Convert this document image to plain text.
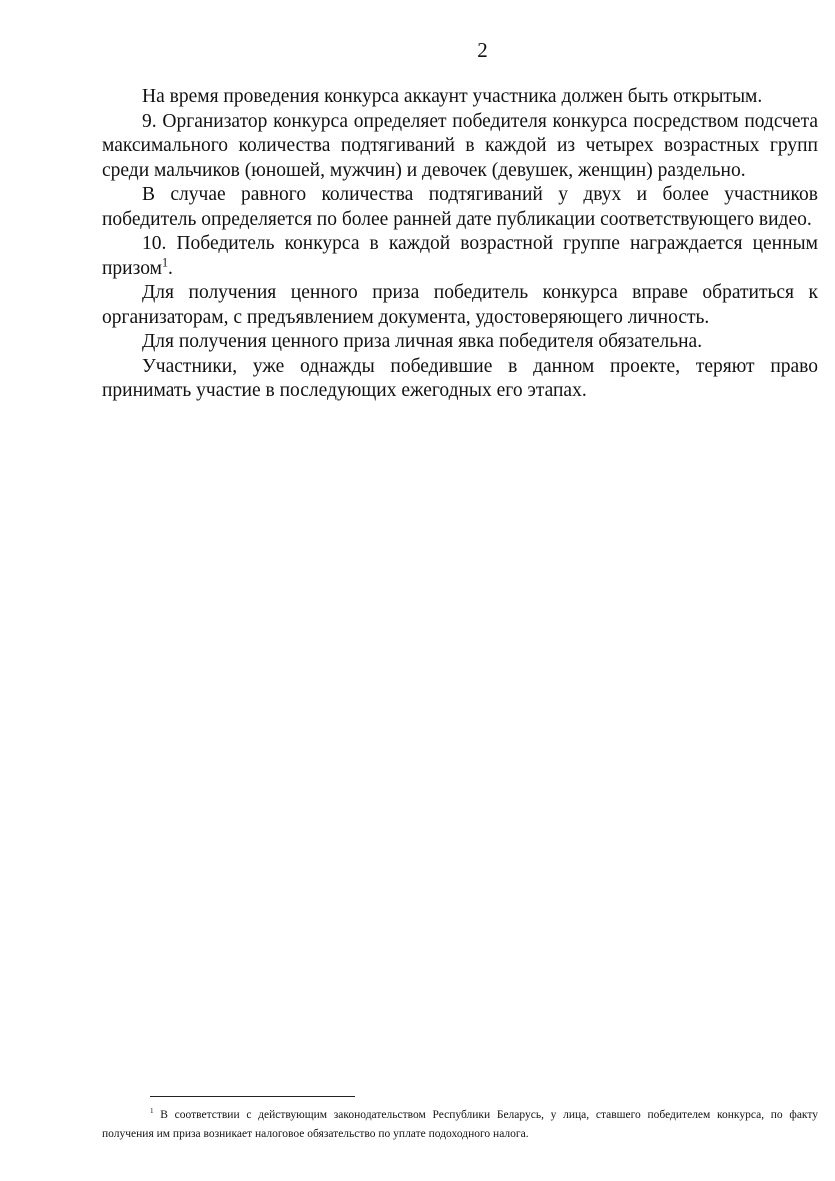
2

На время проведения конкурса аккаунт участника должен быть открытым.

9. Организатор конкурса определяет победителя конкурса посредством подсчета максимального количества подтягиваний в каждой из четырех возрастных групп среди мальчиков (юношей, мужчин) и девочек (девушек, женщин) раздельно.

В случае равного количества подтягиваний у двух и более участников победитель определяется по более ранней дате публикации соответствующего видео.

10. Победитель конкурса в каждой возрастной группе награждается ценным призом$^1$.

Для получения ценного приза победитель конкурса вправе обратиться к организаторам, с предъявлением документа, удостоверяющего личность.

Для получения ценного приза личная явка победителя обязательна.

Участники, уже однажды победившие в данном проекте, теряют право принимать участие в последующих ежегодных его этапах.

$^1$ В соответствии с действующим законодательством Республики Беларусь, у лица, ставшего победителем конкурса, по факту получения им приза возникает налоговое обязательство по уплате подоходного налога.
